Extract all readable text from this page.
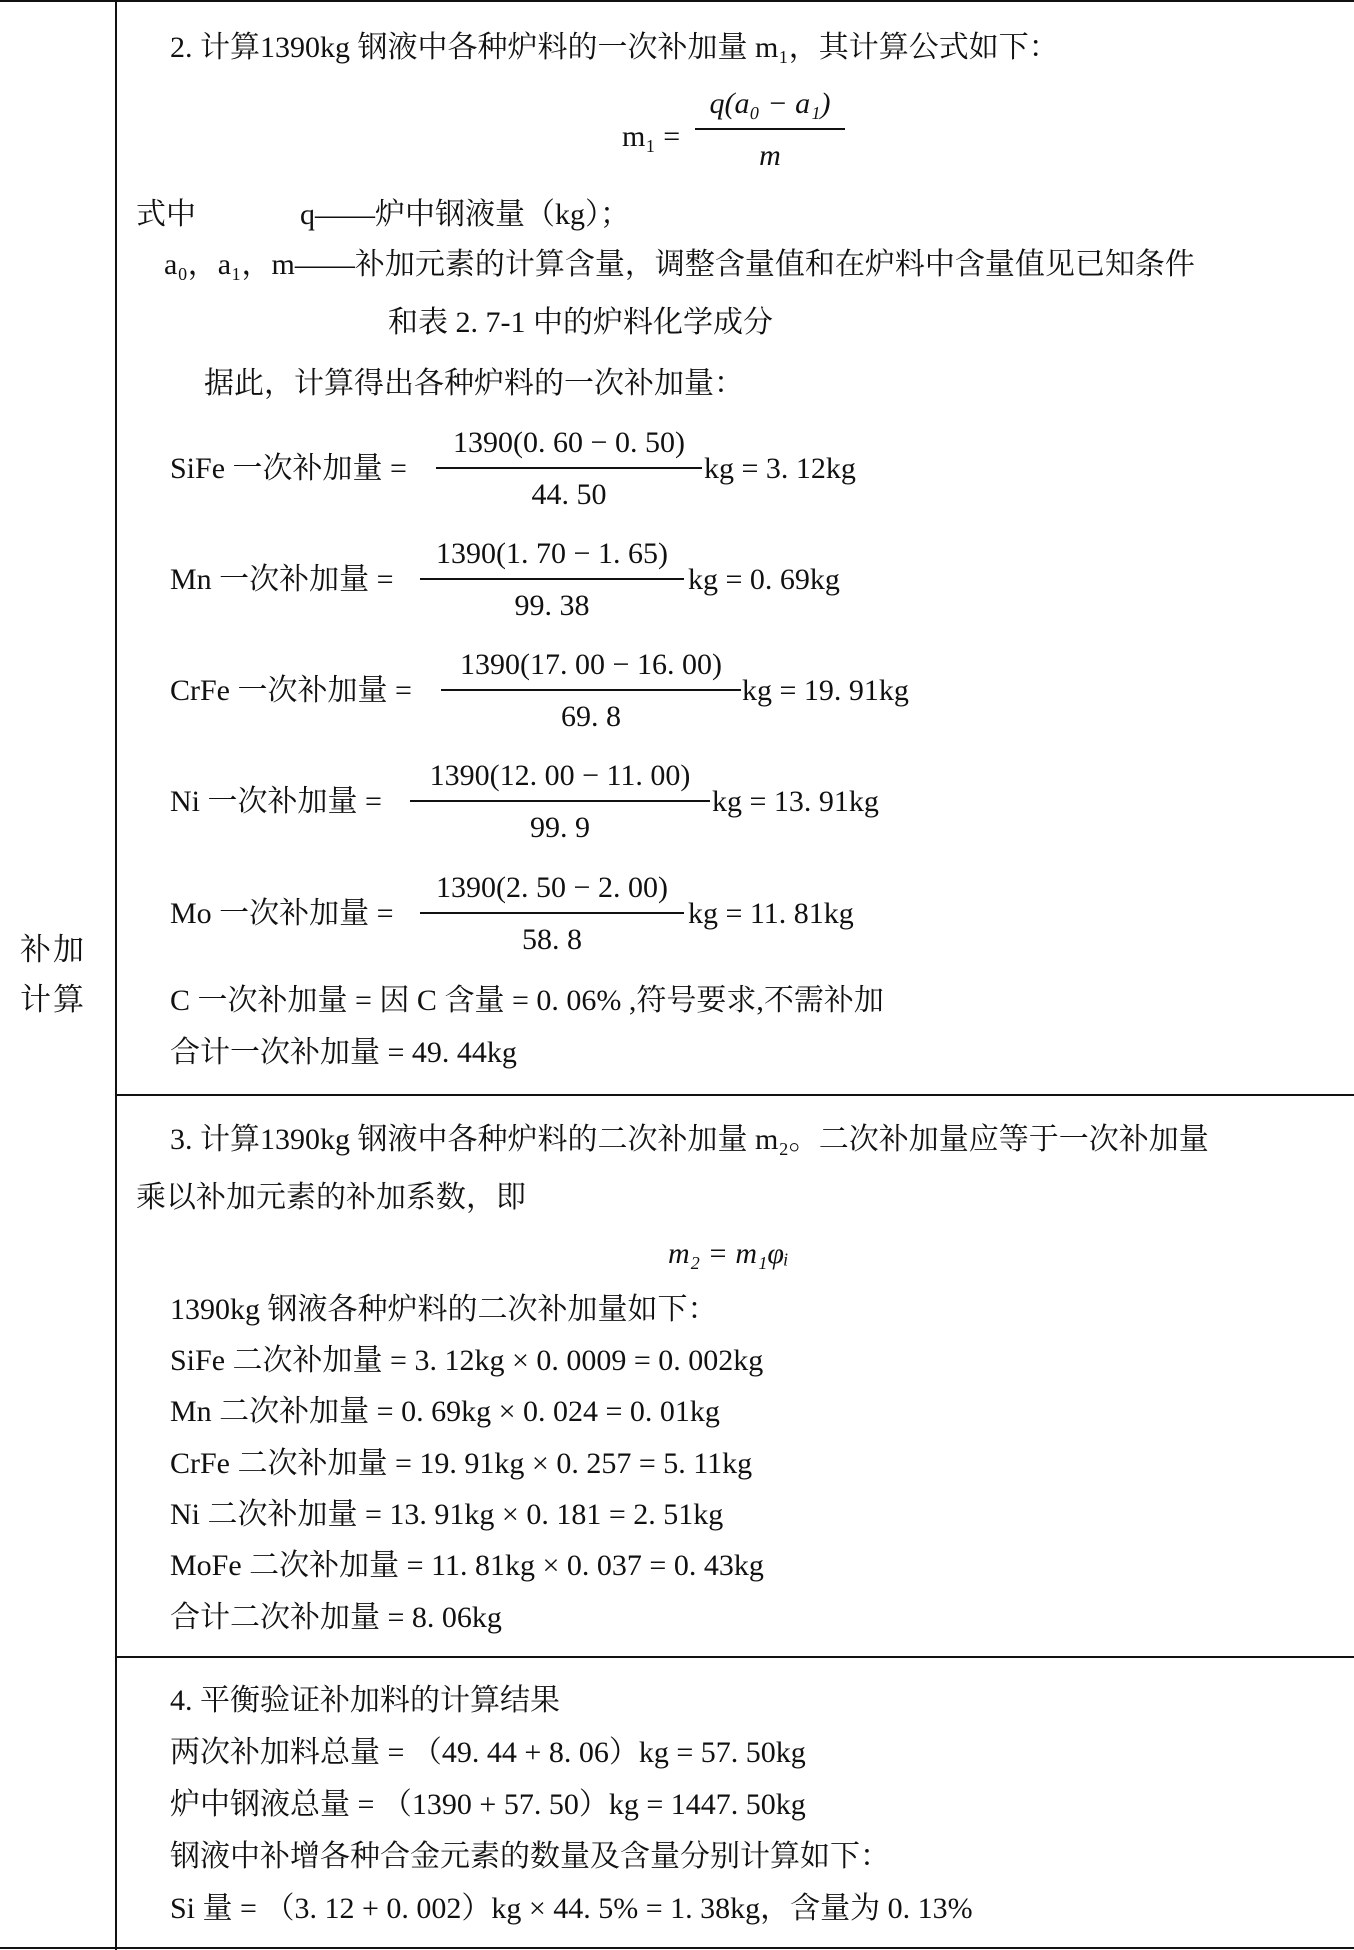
补加
计算
2. 计算1390kg 钢液中各种炉料的一次补加量 m₁，其计算公式如下：
m₁ =
q(a₀ − a₁)
m
式中	q——炉中钢液量（kg）；
a₀，a₁，m——补加元素的计算含量，调整含量值和在炉料中含量值见已知条件
和表 2. 7-1 中的炉料化学成分
据此，计算得出各种炉料的一次补加量：
SiFe 一次补加量 =
1390(0. 60 − 0. 50)
44. 50
kg = 3. 12kg
Mn 一次补加量 =
1390(1. 70 − 1. 65)
99. 38
kg = 0. 69kg
CrFe 一次补加量 =
1390(17. 00 − 16. 00)
69. 8
kg = 19. 91kg
Ni 一次补加量 =
1390(12. 00 − 11. 00)
99. 9
kg = 13. 91kg
Mo 一次补加量 =
1390(2. 50 − 2. 00)
58. 8
kg = 11. 81kg
C 一次补加量 = 因 C 含量 = 0. 06% ,符号要求,不需补加
合计一次补加量 = 49. 44kg
3. 计算1390kg 钢液中各种炉料的二次补加量 m₂。二次补加量应等于一次补加量
乘以补加元素的补加系数，即
m₂ = m₁φᵢ
1390kg 钢液各种炉料的二次补加量如下：
SiFe 二次补加量 = 3. 12kg × 0. 0009 = 0. 002kg
Mn 二次补加量 = 0. 69kg × 0. 024 = 0. 01kg
CrFe 二次补加量 = 19. 91kg × 0. 257 = 5. 11kg
Ni 二次补加量 = 13. 91kg × 0. 181 = 2. 51kg
MoFe 二次补加量 = 11. 81kg × 0. 037 = 0. 43kg
合计二次补加量 = 8. 06kg
4. 平衡验证补加料的计算结果
两次补加料总量 = （49. 44 + 8. 06）kg = 57. 50kg
炉中钢液总量 = （1390 + 57. 50）kg = 1447. 50kg
钢液中补增各种合金元素的数量及含量分别计算如下：
Si 量 = （3. 12 + 0. 002）kg × 44. 5% = 1. 38kg，含量为 0. 13%
